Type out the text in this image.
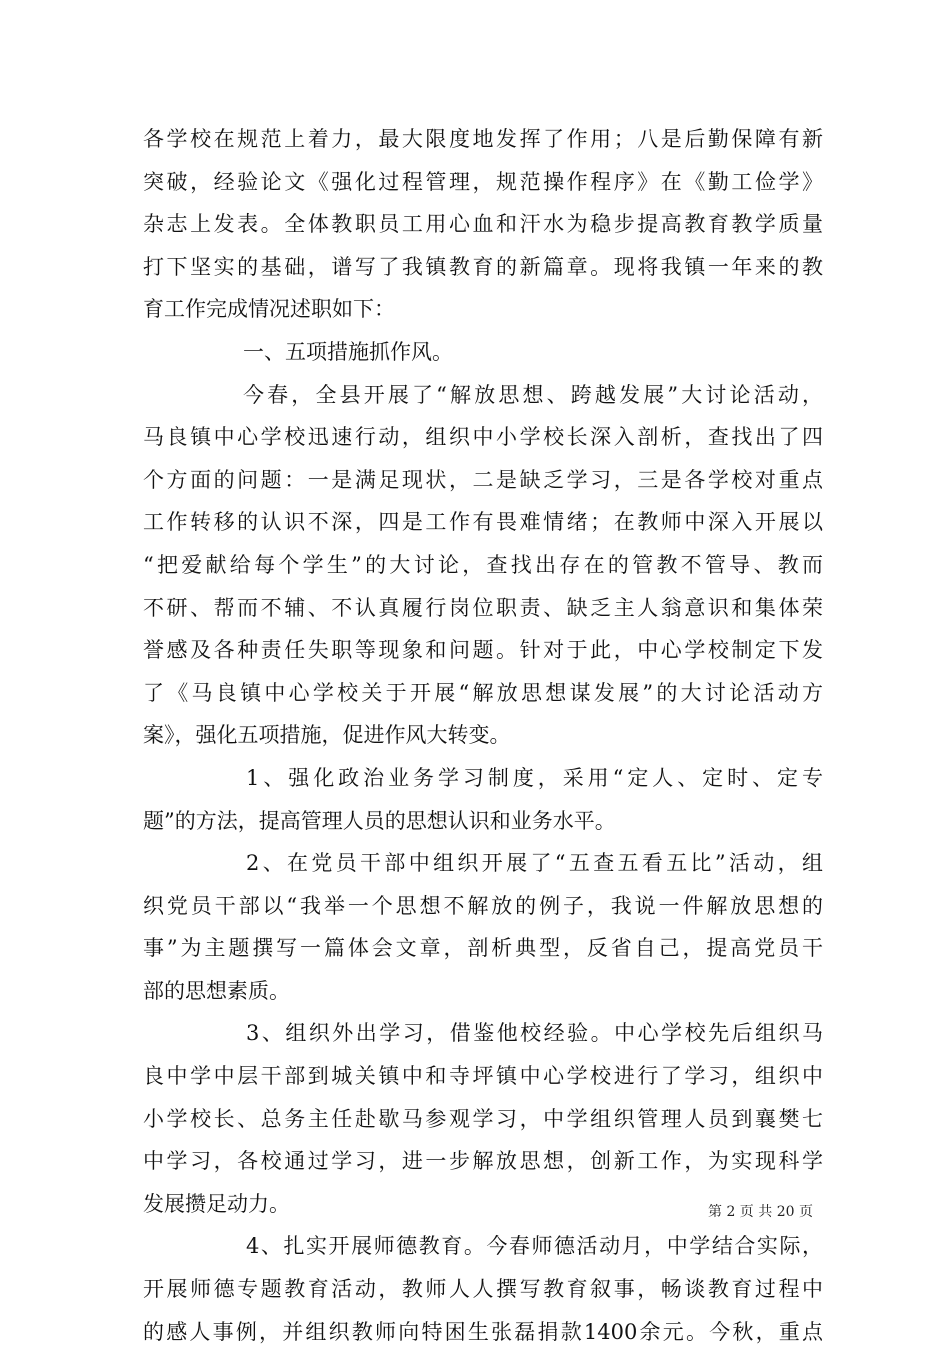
各学校在规范上着力，最大限度地发挥了作用；八是后勤保障有新
突破，经验论文《强化过程管理，规范操作程序》在《勤工俭学》
杂志上发表。全体教职员工用心血和汗水为稳步提高教育教学质量
打下坚实的基础，谱写了我镇教育的新篇章。现将我镇一年来的教
育工作完成情况述职如下：
一、五项措施抓作风。
今春，全县开展了“解放思想、跨越发展”大讨论活动，
马良镇中心学校迅速行动，组织中小学校长深入剖析，查找出了四
个方面的问题：一是满足现状，二是缺乏学习，三是各学校对重点
工作转移的认识不深，四是工作有畏难情绪；在教师中深入开展以
“把爱献给每个学生”的大讨论，查找出存在的管教不管导、教而
不研、帮而不辅、不认真履行岗位职责、缺乏主人翁意识和集体荣
誉感及各种责任失职等现象和问题。针对于此，中心学校制定下发
了《马良镇中心学校关于开展“解放思想谋发展”的大讨论活动方
案》，强化五项措施，促进作风大转变。
1、强化政治业务学习制度，采用“定人、定时、定专
题”的方法，提高管理人员的思想认识和业务水平。
2、在党员干部中组织开展了“五查五看五比”活动，组
织党员干部以“我举一个思想不解放的例子，我说一件解放思想的
事”为主题撰写一篇体会文章，剖析典型，反省自己，提高党员干
部的思想素质。
3、组织外出学习，借鉴他校经验。中心学校先后组织马
良中学中层干部到城关镇中和寺坪镇中心学校进行了学习，组织中
小学校长、总务主任赴歇马参观学习，中学组织管理人员到襄樊七
中学习，各校通过学习，进一步解放思想，创新工作，为实现科学
发展攒足动力。
4、扎实开展师德教育。今春师德活动月，中学结合实际，
开展师德专题教育活动，教师人人撰写教育叙事，畅谈教育过程中
的感人事例，并组织教师向特困生张磊捐款1400余元。今秋，重点
第 2 页 共 20 页
